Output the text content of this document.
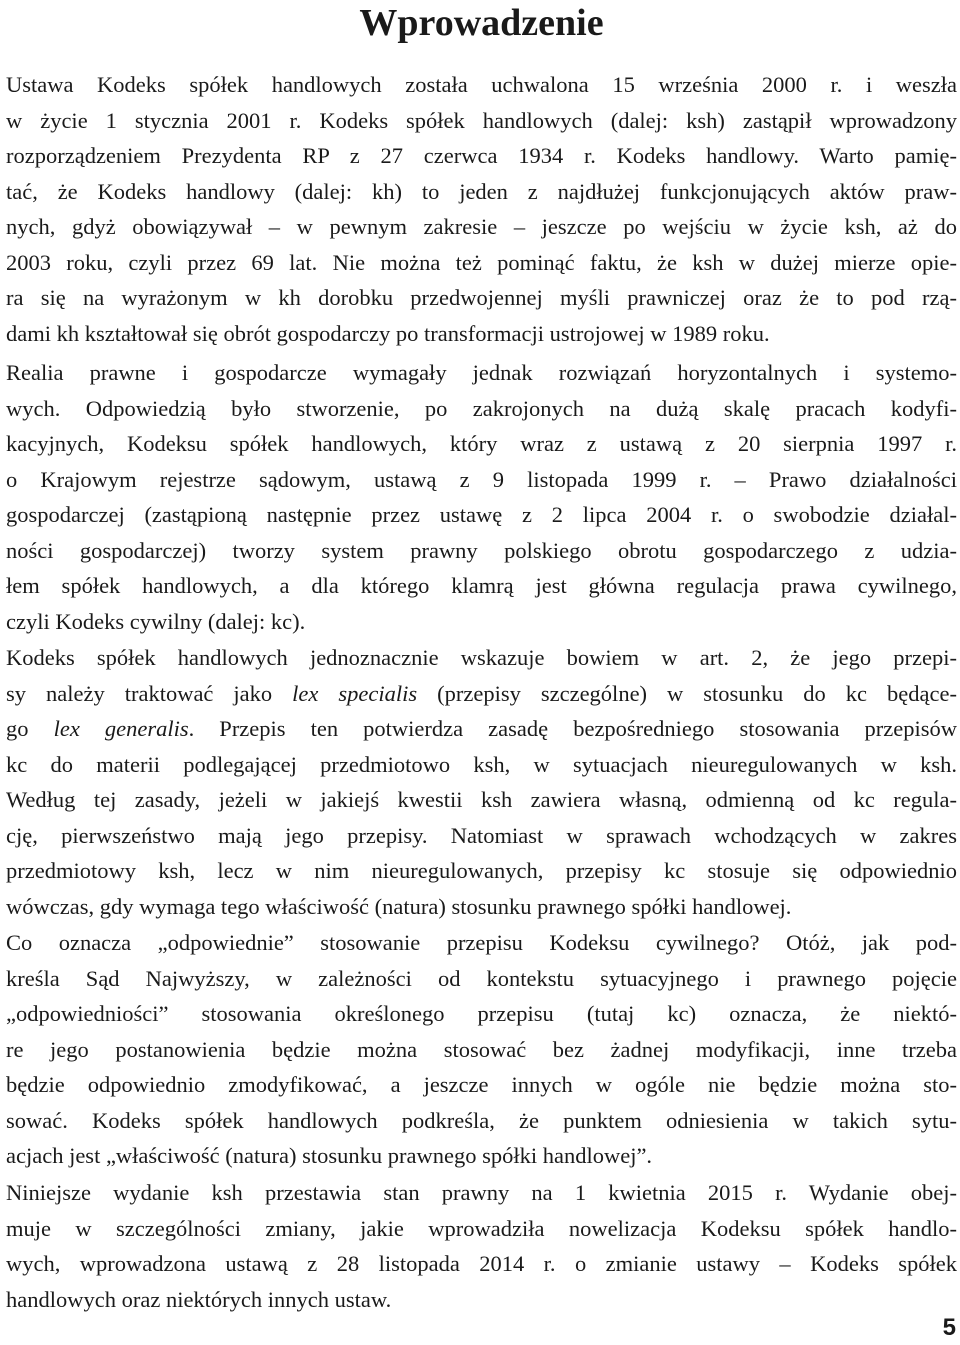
Wprowadzenie
Ustawa Kodeks spółek handlowych została uchwalona 15 września 2000 r. i weszła
w życie 1 stycznia 2001 r. Kodeks spółek handlowych (dalej: ksh) zastąpił wprowadzony
rozporządzeniem Prezydenta RP z 27 czerwca 1934 r. Kodeks handlowy. Warto pamię-
tać, że Kodeks handlowy (dalej: kh) to jeden z najdłużej funkcjonujących aktów praw-
nych, gdyż obowiązywał – w pewnym zakresie – jeszcze po wejściu w życie ksh, aż do
2003 roku, czyli przez 69 lat. Nie można też pominąć faktu, że ksh w dużej mierze opie-
ra się na wyrażonym w kh dorobku przedwojennej myśli prawniczej oraz że to pod rzą-
dami kh kształtował się obrót gospodarczy po transformacji ustrojowej w 1989 roku.
Realia prawne i gospodarcze wymagały jednak rozwiązań horyzontalnych i systemo-
wych. Odpowiedzią było stworzenie, po zakrojonych na dużą skalę pracach kodyfi-
kacyjnych, Kodeksu spółek handlowych, który wraz z ustawą z 20 sierpnia 1997 r.
o Krajowym rejestrze sądowym, ustawą z 9 listopada 1999 r. – Prawo działalności
gospodarczej (zastąpioną następnie przez ustawę z 2 lipca 2004 r. o swobodzie działal-
ności gospodarczej) tworzy system prawny polskiego obrotu gospodarczego z udzia-
łem spółek handlowych, a dla którego klamrą jest główna regulacja prawa cywilnego,
czyli Kodeks cywilny (dalej: kc).
Kodeks spółek handlowych jednoznacznie wskazuje bowiem w art. 2, że jego przepi-
sy należy traktować jako lex specialis (przepisy szczególne) w stosunku do kc będące-
go lex generalis. Przepis ten potwierdza zasadę bezpośredniego stosowania przepisów
kc do materii podlegającej przedmiotowo ksh, w sytuacjach nieuregulowanych w ksh.
Według tej zasady, jeżeli w jakiejś kwestii ksh zawiera własną, odmienną od kc regula-
cję, pierwszeństwo mają jego przepisy. Natomiast w sprawach wchodzących w zakres
przedmiotowy ksh, lecz w nim nieuregulowanych, przepisy kc stosuje się odpowiednio
wówczas, gdy wymaga tego właściwość (natura) stosunku prawnego spółki handlowej.
Co oznacza „odpowiednie” stosowanie przepisu Kodeksu cywilnego? Otóż, jak pod-
kreśla Sąd Najwyższy, w zależności od kontekstu sytuacyjnego i prawnego pojęcie
„odpowiedniości” stosowania określonego przepisu (tutaj kc) oznacza, że niektó-
re jego postanowienia będzie można stosować bez żadnej modyfikacji, inne trzeba
będzie odpowiednio zmodyfikować, a jeszcze innych w ogóle nie będzie można sto-
sować. Kodeks spółek handlowych podkreśla, że punktem odniesienia w takich sytu-
acjach jest „właściwość (natura) stosunku prawnego spółki handlowej”.
Niniejsze wydanie ksh przestawia stan prawny na 1 kwietnia 2015 r. Wydanie obej-
muje w szczególności zmiany, jakie wprowadziła nowelizacja Kodeksu spółek handlo-
wych, wprowadzona ustawą z 28 listopada 2014 r. o zmianie ustawy – Kodeks spółek
handlowych oraz niektórych innych ustaw.
5
